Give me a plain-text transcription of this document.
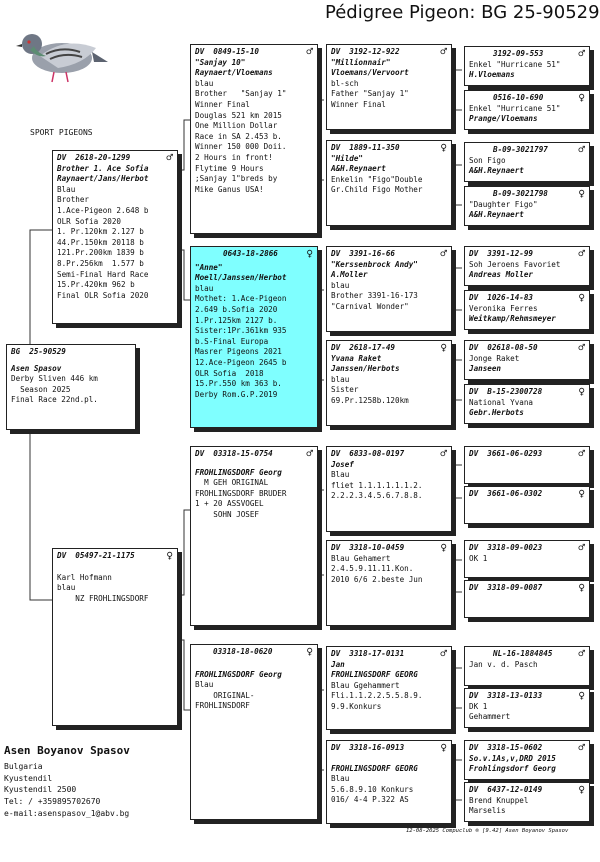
Pédigree Pigeon: BG 25-90529
SPORT PIGEONS
BG  25-90529
Asen Spasov
Derby Sliven 446 km
Season 2025
Final Race 22nd.pl.
DV  2618-20-1299	♂
Brother 1. Ace Sofia
Raynaert/Jans/Herbot
Blau
Brother
1.Ace-Pigeon 2.648 b
OLR Sofia 2020
1. Pr.120km 2.127 b
44.Pr.150km 20118 b
121.Pr.200km 1839 b
8.Pr.256km  1.577 b
Semi-Final Hard Race
15.Pr.420km 962 b
Final OLR Sofia 2020
DV  05497-21-1175	♀
Karl Hofmann
blau
NZ FROHLINGSDORF
DV  0849-15-10	♂
"Sanjay 10"
Raynaert/Vloemans
blau
Brother   "Sanjay 1"
Winner Final
Douglas 521 km 2015
One Million Dollar
Race in SA 2.453 b.
Winner 150 000 Doii.
2 Hours in front!
Flytime 9 Hours
;Sanjay 1"breds by
Mike Ganus USA!
0643-18-2866	♀
"Anne"
Moell/Janssen/Herbot
blau
Mothet: 1.Ace-Pigeon
2.649 b.Sofia 2020
1.Pr.125km 2127 b.
Sister:1Pr.361km 935
b.S-Final Europa
Masrer Pigeons 2021
12.Ace-Pigeon 2645 b
OLR Sofia  2018
15.Pr.550 km 363 b.
Derby Rom.G.P.2019
DV  03318-15-0754	♂
FROHLINGSDORF Georg
M GEH ORIGINAL
FROHLINGSDORF BRUDER
1 + 20 ASSVOGEL
SOHN JOSEF
03318-18-0620	♀
FROHLINGSDORF Georg
Blau
ORIGINAL-
FROHLINSDORF
DV  3192-12-922	♂
"Millionnair"
Vloemans/Vervoort
bl-sch
Father "Sanjay 1"
Winner Final
DV  1889-11-350	♀
"Hilde"
A&H.Reynaert
Enkelin "Figo"Double
Gr.Child Figo Mother
DV  3391-16-66	♂
"Kerssenbrock Andy"
A.Moller
blau
Brother 3391-16-173
"Carnival Wonder"
DV  2618-17-49	♀
Yvana Raket
Janssen/Herbots
blau
Sister
69.Pr.1258b.120km
DV  6833-08-0197	♂
Josef
Blau
fliet 1.1.1.1.1.1.2.
2.2.2.3.4.5.6.7.8.8.
DV  3318-10-0459	♀
Blau Gehamert
2.4.5.9.11.11.Kon.
2010 6/6 2.beste Jun
DV  3318-17-0131	♂
Jan
FROHLINGSDORF GEORG
Blau Ggehammert
Fli.1.1.2.2.5.5.8.9.
9.9.Konkurs
DV  3318-16-0913	♀
FROHLINGSDORF GEORG
Blau
5.6.8.9.10 Konkurs
016/ 4-4 P.322 AS
3192-09-553	♂
Enkel "Hurricane 51"
H.Vloemans
0516-10-690	♀
Enkel "Hurricane 51"
Prange/Vloemans
B-09-3021797	♂
Son Figo
A&H.Reynaert
B-09-3021798	♀
"Daughter Figo"
A&H.Reynaert
DV  3391-12-99	♂
Soh Jeroens Favoriet
Andreas Moller
DV  1026-14-83	♀
Veronika Ferres
Weitkamp/Rehmsmeyer
DV  02618-08-50	♂
Jonge Raket
Janseen
DV  B-15-2300728	♀
National Yvana
Gebr.Herbots
DV  3661-06-0293	♂
DV  3661-06-0302	♀
DV  3318-09-0023	♂
OK 1
DV  3318-09-0087	♀
NL-16-1884845	♂
Jan v. d. Pasch
DV  3318-13-0133	♀
DK 1
Gehammert
DV  3318-15-0602	♂
So.v.1As,v,DRD 2015
Frohlingsdorf Georg
DV  6437-12-0149	♀
Brend Knuppel
Marselis
Asen Boyanov Spasov
Bulgaria
Kyustendil
Kyustendil 2500
Tel: / +359895702670
e-mail:asenspasov_1@abv.bg
12-08-2025 Compuclub ® [9.42] Asen Boyanov Spasov
